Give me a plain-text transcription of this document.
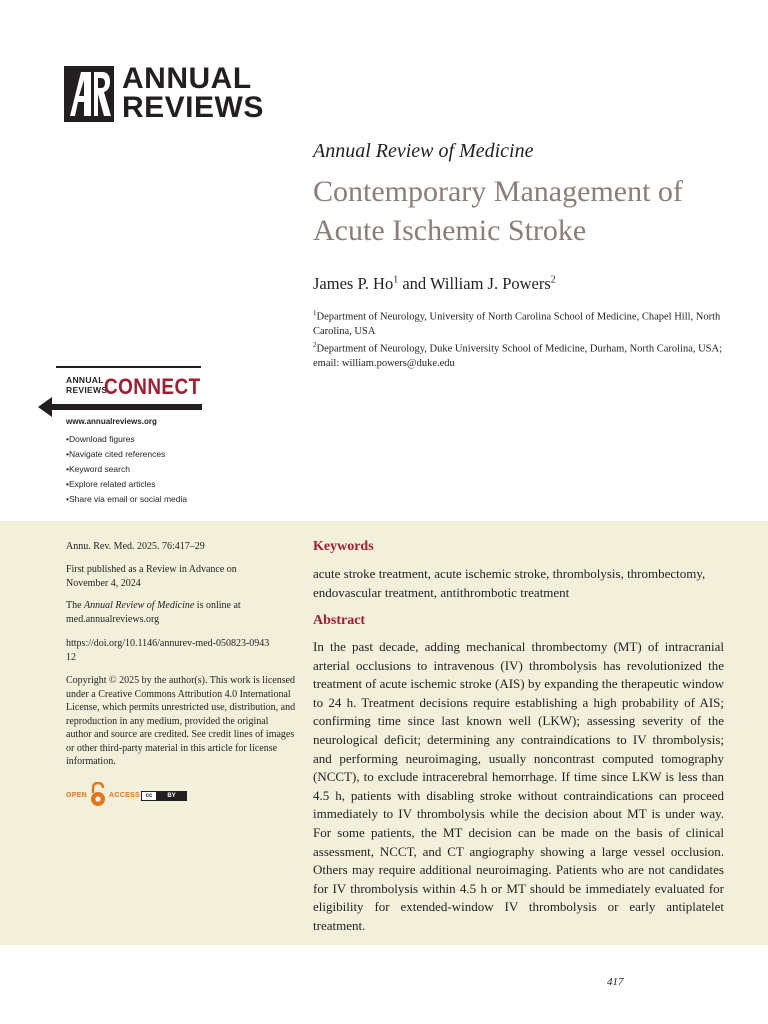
ANNUAL
REVIEWS
Annual Review of Medicine
Contemporary Management of Acute Ischemic Stroke
James P. Ho$^1$ and William J. Powers$^2$
$^1$Department of Neurology, University of North Carolina School of Medicine, Chapel Hill, North Carolina, USA
$^2$Department of Neurology, Duke University School of Medicine, Durham, North Carolina, USA; email: william.powers@duke.edu
ANNUAL
REVIEWS
CONNECT
www.annualreviews.org
• Download figures
• Navigate cited references
• Keyword search
• Explore related articles
• Share via email or social media
Annu. Rev. Med. 2025. 76:417–29
First published as a Review in Advance on November 4, 2024
The Annual Review of Medicine is online at med.annualreviews.org
https://doi.org/10.1146/annurev-med-050823-094312
Copyright © 2025 by the author(s). This work is licensed under a Creative Commons Attribution 4.0 International License, which permits unrestricted use, distribution, and reproduction in any medium, provided the original author and source are credited. See credit lines of images or other third-party material in this article for license information.
OPEN	ACCESS cc	BY
Keywords
acute stroke treatment, acute ischemic stroke, thrombolysis, thrombectomy, endovascular treatment, antithrombotic treatment
Abstract
In the past decade, adding mechanical thrombectomy (MT) of intracranial arterial occlusions to intravenous (IV) thrombolysis has revolutionized the treatment of acute ischemic stroke (AIS) by expanding the therapeutic window to 24 h. Treatment decisions require establishing a high probability of AIS; confirming time since last known well (LKW); assessing severity of the neurological deficit; determining any contraindications to IV thrombolysis; and performing neuroimaging, usually noncontrast computed tomography (NCCT), to exclude intracerebral hemorrhage. If time since LKW is less than 4.5 h, patients with disabling stroke without contraindications can proceed immediately to IV thrombolysis while the decision about MT is under way. For some patients, the MT decision can be made on the basis of clinical assessment, NCCT, and CT angiography showing a large vessel occlusion. Others may require additional neuroimaging. Patients who are not candidates for IV thrombolysis within 4.5 h or MT should be immediately evaluated for eligibility for extended-window IV thrombolysis or early antiplatelet treatment.
417
